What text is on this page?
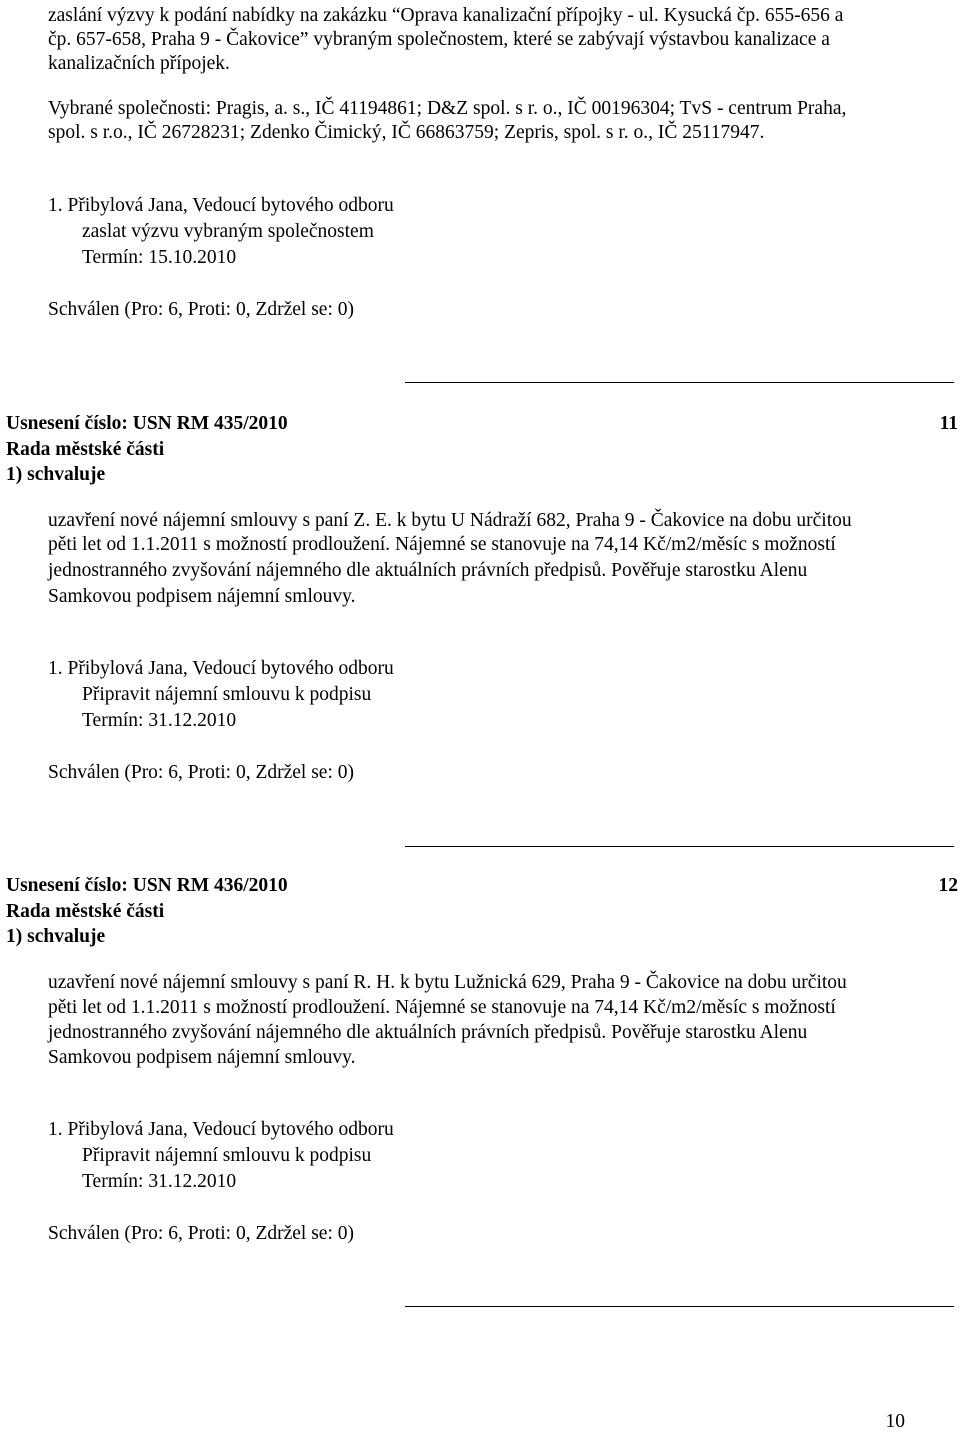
zaslání výzvy k podání nabídky na zakázku “Oprava kanalizační přípojky - ul. Kysucká čp. 655-656 a
čp. 657-658, Praha 9 - Čakovice” vybraným společnostem, které se zabývají výstavbou kanalizace a
kanalizačních přípojek.
Vybrané společnosti: Pragis, a. s., IČ 41194861; D&Z spol. s r. o., IČ 00196304; TvS - centrum Praha,
spol. s r.o., IČ 26728231; Zdenko Čimický, IČ 66863759; Zepris, spol. s r. o., IČ 25117947.
1. Přibylová Jana, Vedoucí bytového odboru
zaslat výzvu vybraným společnostem
Termín: 15.10.2010
Schválen (Pro: 6, Proti: 0, Zdržel se: 0)
Usnesení číslo: USN RM 435/2010	11
Rada městské části
1) schvaluje
uzavření nové nájemní smlouvy s paní Z. E. k bytu U Nádraží 682, Praha 9 - Čakovice na dobu určitou
pěti let od 1.1.2011 s možností prodloužení. Nájemné se stanovuje na 74,14 Kč/m2/měsíc s možností
jednostranného zvyšování nájemného dle aktuálních právních předpisů. Pověřuje starostku Alenu
Samkovou podpisem nájemní smlouvy.
1. Přibylová Jana, Vedoucí bytového odboru
Připravit nájemní smlouvu k podpisu
Termín: 31.12.2010
Schválen (Pro: 6, Proti: 0, Zdržel se: 0)
Usnesení číslo: USN RM 436/2010	12
Rada městské části
1) schvaluje
uzavření nové nájemní smlouvy s paní R. H. k bytu Lužnická 629, Praha 9 - Čakovice na dobu určitou
pěti let od 1.1.2011 s možností prodloužení. Nájemné se stanovuje na 74,14 Kč/m2/měsíc s možností
jednostranného zvyšování nájemného dle aktuálních právních předpisů. Pověřuje starostku Alenu
Samkovou podpisem nájemní smlouvy.
1. Přibylová Jana, Vedoucí bytového odboru
Připravit nájemní smlouvu k podpisu
Termín: 31.12.2010
Schválen (Pro: 6, Proti: 0, Zdržel se: 0)
10
